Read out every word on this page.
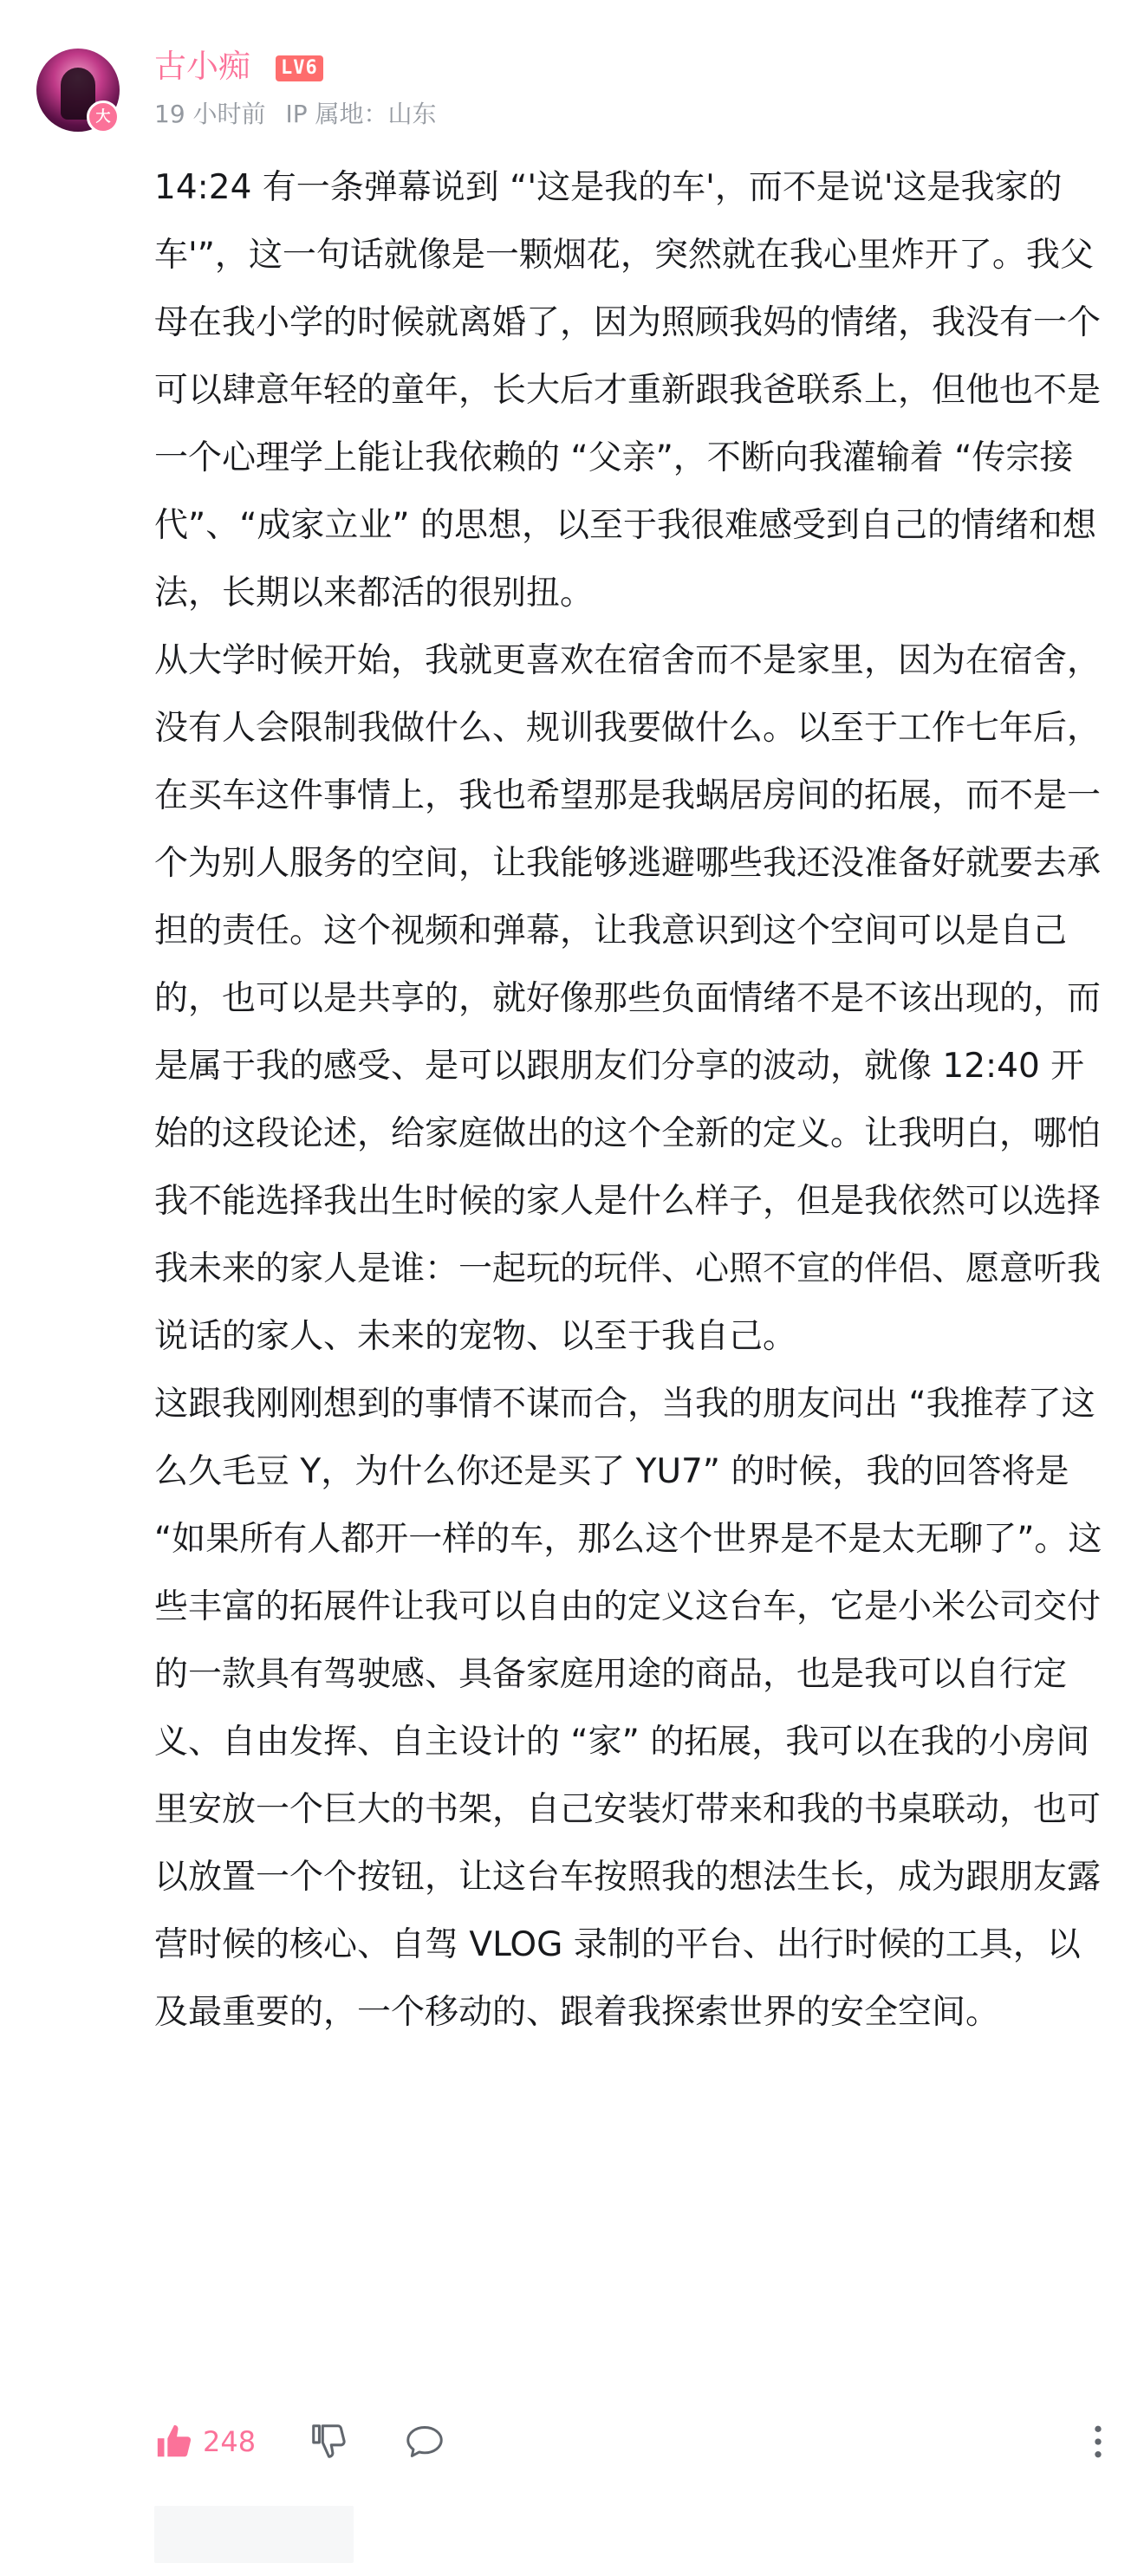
大
古小痴 LV6
19 小时前 IP 属地：山东

14:24 有一条弹幕说到 “'这是我的车'，而不是说'这是我家的车'”，这一句话就像是一颗烟花，突然就在我心里炸开了。我父母在我小学的时候就离婚了，因为照顾我妈的情绪，我没有一个可以肆意年轻的童年，长大后才重新跟我爸联系上，但他也不是一个心理学上能让我依赖的 “父亲”，不断向我灌输着 “传宗接代”、“成家立业” 的思想，以至于我很难感受到自己的情绪和想法，长期以来都活的很别扭。

从大学时候开始，我就更喜欢在宿舍而不是家里，因为在宿舍，没有人会限制我做什么、规训我要做什么。以至于工作七年后，在买车这件事情上，我也希望那是我蜗居房间的拓展，而不是一个为别人服务的空间，让我能够逃避哪些我还没准备好就要去承担的责任。这个视频和弹幕，让我意识到这个空间可以是自己的，也可以是共享的，就好像那些负面情绪不是不该出现的，而是属于我的感受、是可以跟朋友们分享的波动，就像 12:40 开始的这段论述，给家庭做出的这个全新的定义。让我明白，哪怕我不能选择我出生时候的家人是什么样子，但是我依然可以选择我未来的家人是谁：一起玩的玩伴、心照不宣的伴侣、愿意听我说话的家人、未来的宠物、以至于我自己。

这跟我刚刚想到的事情不谋而合，当我的朋友问出 “我推荐了这么久毛豆 Y，为什么你还是买了 YU7” 的时候，我的回答将是 “如果所有人都开一样的车，那么这个世界是不是太无聊了”。这些丰富的拓展件让我可以自由的定义这台车，它是小米公司交付的一款具有驾驶感、具备家庭用途的商品，也是我可以自行定义、自由发挥、自主设计的 “家” 的拓展，我可以在我的小房间里安放一个巨大的书架，自己安装灯带来和我的书桌联动，也可以放置一个个按钮，让这台车按照我的想法生长，成为跟朋友露营时候的核心、自驾 VLOG 录制的平台、出行时候的工具，以及最重要的，一个移动的、跟着我探索世界的安全空间。

248
